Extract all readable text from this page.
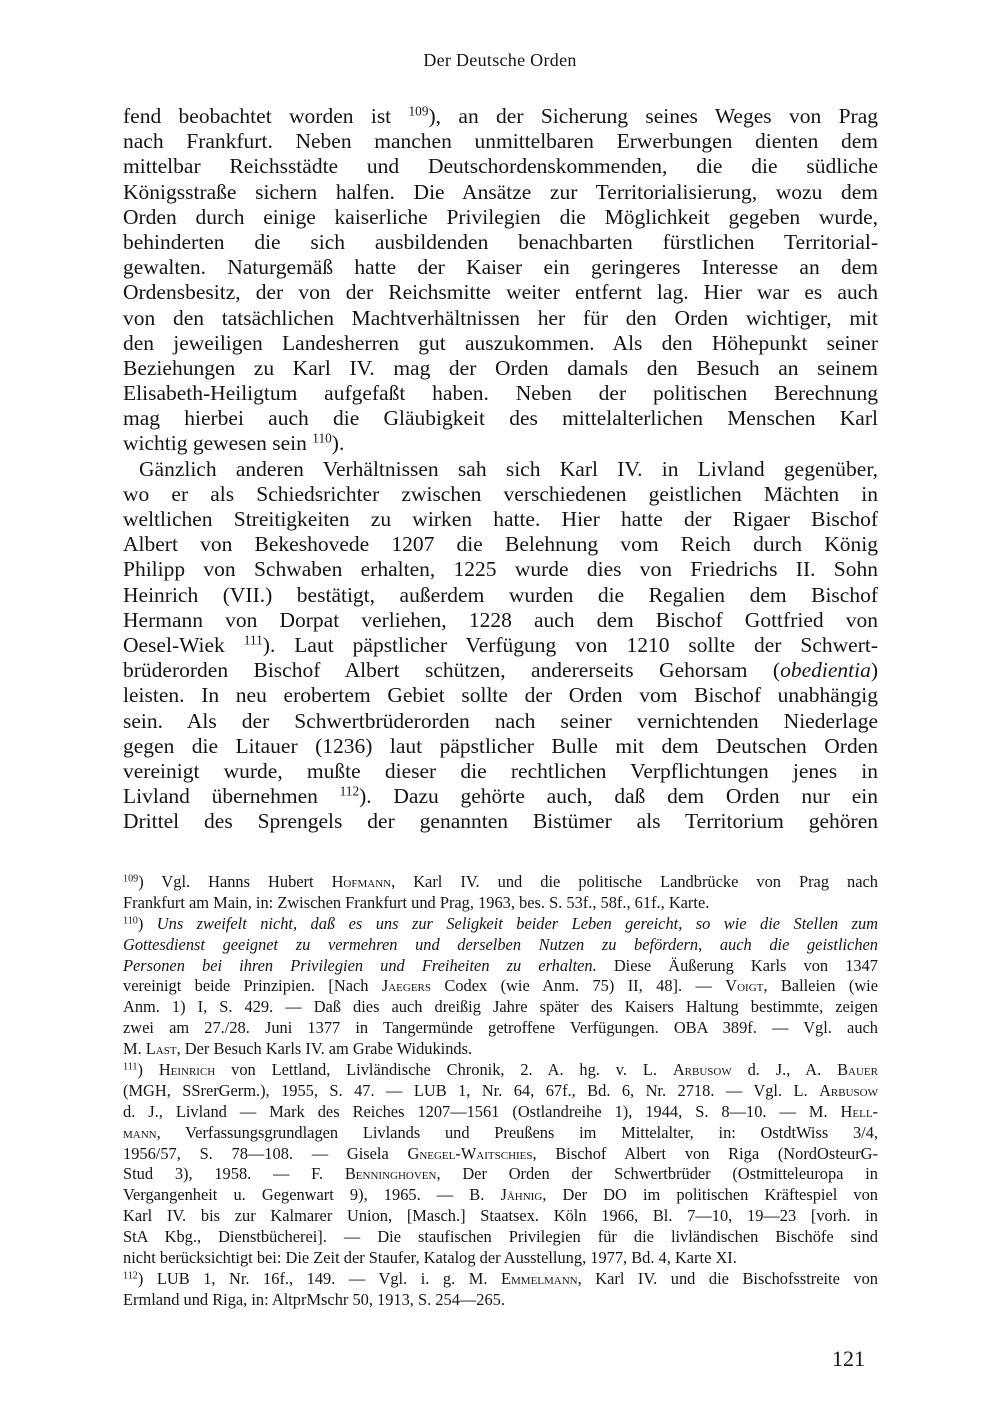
Der Deutsche Orden
fend beobachtet worden ist $^{109}$), an der Sicherung seines Weges von Prag
nach Frankfurt. Neben manchen unmittelbaren Erwerbungen dienten dem
mittelbar Reichsstädte und Deutschordenskommenden, die die südliche
Königsstraße sichern halfen. Die Ansätze zur Territorialisierung, wozu dem
Orden durch einige kaiserliche Privilegien die Möglichkeit gegeben wurde,
behinderten die sich ausbildenden benachbarten fürstlichen Territorial-
gewalten. Naturgemäß hatte der Kaiser ein geringeres Interesse an dem
Ordensbesitz, der von der Reichsmitte weiter entfernt lag. Hier war es auch
von den tatsächlichen Machtverhältnissen her für den Orden wichtiger, mit
den jeweiligen Landesherren gut auszukommen. Als den Höhepunkt seiner
Beziehungen zu Karl IV. mag der Orden damals den Besuch an seinem
Elisabeth-Heiligtum aufgefaßt haben. Neben der politischen Berechnung
mag hierbei auch die Gläubigkeit des mittelalterlichen Menschen Karl
wichtig gewesen sein $^{110}$).
Gänzlich anderen Verhältnissen sah sich Karl IV. in Livland gegenüber,
wo er als Schiedsrichter zwischen verschiedenen geistlichen Mächten in
weltlichen Streitigkeiten zu wirken hatte. Hier hatte der Rigaer Bischof
Albert von Bekeshovede 1207 die Belehnung vom Reich durch König
Philipp von Schwaben erhalten, 1225 wurde dies von Friedrichs II. Sohn
Heinrich (VII.) bestätigt, außerdem wurden die Regalien dem Bischof
Hermann von Dorpat verliehen, 1228 auch dem Bischof Gottfried von
Oesel-Wiek $^{111}$). Laut päpstlicher Verfügung von 1210 sollte der Schwert-
brüderorden Bischof Albert schützen, andererseits Gehorsam (obedientia)
leisten. In neu erobertem Gebiet sollte der Orden vom Bischof unabhängig
sein. Als der Schwertbrüderorden nach seiner vernichtenden Niederlage
gegen die Litauer (1236) laut päpstlicher Bulle mit dem Deutschen Orden
vereinigt wurde, mußte dieser die rechtlichen Verpflichtungen jenes in
Livland übernehmen $^{112}$). Dazu gehörte auch, daß dem Orden nur ein
Drittel des Sprengels der genannten Bistümer als Territorium gehören
$^{109}$) Vgl. Hanns Hubert Hofmann, Karl IV. und die politische Landbrücke von Prag nach
Frankfurt am Main, in: Zwischen Frankfurt und Prag, 1963, bes. S. 53f., 58f., 61f., Karte.
$^{110}$) Uns zweifelt nicht, daß es uns zur Seligkeit beider Leben gereicht, so wie die Stellen zum
Gottesdienst geeignet zu vermehren und derselben Nutzen zu befördern, auch die geistlichen
Personen bei ihren Privilegien und Freiheiten zu erhalten. Diese Äußerung Karls von 1347
vereinigt beide Prinzipien. [Nach Jaegers Codex (wie Anm. 75) II, 48]. — Voigt, Balleien (wie
Anm. 1) I, S. 429. — Daß dies auch dreißig Jahre später des Kaisers Haltung bestimmte, zeigen
zwei am 27./28. Juni 1377 in Tangermünde getroffene Verfügungen. OBA 389f. — Vgl. auch
M. Last, Der Besuch Karls IV. am Grabe Widukinds.
$^{111}$) Heinrich von Lettland, Livländische Chronik, 2. A. hg. v. L. Arbusow d. J., A. Bauer
(MGH, SSrerGerm.), 1955, S. 47. — LUB 1, Nr. 64, 67f., Bd. 6, Nr. 2718. — Vgl. L. Arbusow
d. J., Livland — Mark des Reiches 1207—1561 (Ostlandreihe 1), 1944, S. 8—10. — M. Hell-
mann, Verfassungsgrundlagen Livlands und Preußens im Mittelalter, in: OstdtWiss 3/4,
1956/57, S. 78—108. — Gisela Gnegel-Waitschies, Bischof Albert von Riga (NordOsteurG-
Stud 3), 1958. — F. Benninghoven, Der Orden der Schwertbrüder (Ostmitteleuropa in
Vergangenheit u. Gegenwart 9), 1965. — B. Jähnig, Der DO im politischen Kräftespiel von
Karl IV. bis zur Kalmarer Union, [Masch.] Staatsex. Köln 1966, Bl. 7—10, 19—23 [vorh. in
StA Kbg., Dienstbücherei]. — Die staufischen Privilegien für die livländischen Bischöfe sind
nicht berücksichtigt bei: Die Zeit der Staufer, Katalog der Ausstellung, 1977, Bd. 4, Karte XI.
$^{112}$) LUB 1, Nr. 16f., 149. — Vgl. i. g. M. Emmelmann, Karl IV. und die Bischofsstreite von
Ermland und Riga, in: AltprMschr 50, 1913, S. 254—265.
121
